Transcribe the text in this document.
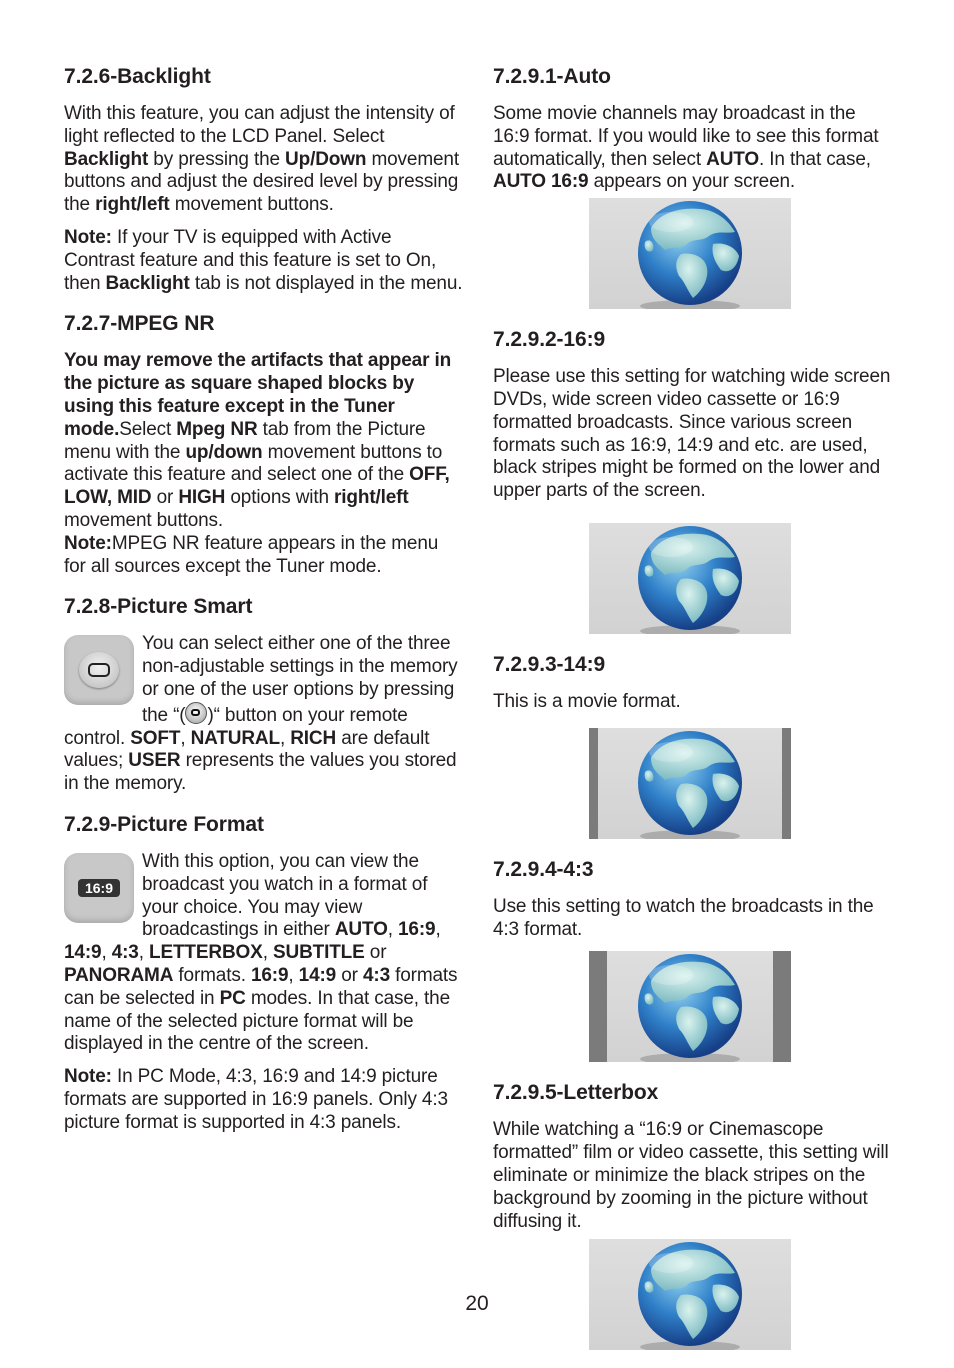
7.2.6-Backlight

With this feature, you can adjust the intensity of light reflected to the LCD Panel. Select Backlight by pressing the Up/Down movement buttons and adjust the desired level by pressing the right/left movement buttons.

Note: If your TV is equipped with Active Contrast feature and this feature is set to On, then Backlight tab is not displayed in the menu.

7.2.7-MPEG NR

You may remove the artifacts that appear in the picture as square shaped blocks by using this feature except in the Tuner mode.Select Mpeg NR tab from the Picture menu with the up/down movement buttons to activate this feature and select one of the OFF, LOW, MID or HIGH options with right/left movement buttons.

Note:MPEG NR feature appears in the menu for all sources except the Tuner mode.

7.2.8-Picture Smart

You can select either one of the three non-adjustable settings in the memory or one of the user options by pressing the “( )“ button on your remote control. SOFT, NATURAL, RICH are default values; USER represents the values you stored in the memory.

7.2.9-Picture Format
16:9

With this option, you can view the broadcast you watch in a format of your choice. You may view broadcastings in either AUTO, 16:9, 14:9, 4:3, LETTERBOX, SUBTITLE or PANORAMA formats. 16:9, 14:9 or 4:3 formats can be selected in PC modes. In that case, the name of the selected picture format will be displayed in the centre of the screen.

Note: In PC Mode, 4:3, 16:9 and 14:9 picture formats are supported in 16:9 panels. Only 4:3 picture format is supported in 4:3 panels.

7.2.9.1-Auto

Some movie channels may broadcast in the 16:9 format. If you would like to see this format automatically, then select AUTO. In that case, AUTO 16:9 appears on your screen.

7.2.9.2-16:9

Please use this setting for watching wide screen DVDs, wide screen video cassette or 16:9 formatted broadcasts. Since various screen formats such as 16:9, 14:9 and etc. are used, black stripes might be formed on the lower and upper parts of the screen.

7.2.9.3-14:9

This is a movie format.

7.2.9.4-4:3

Use this setting to watch the broadcasts in the 4:3 format.

7.2.9.5-Letterbox

While watching a “16:9 or Cinemascope formatted” film or video cassette, this setting will eliminate or minimize the black stripes on the background by zooming in the picture without diffusing it.

20
